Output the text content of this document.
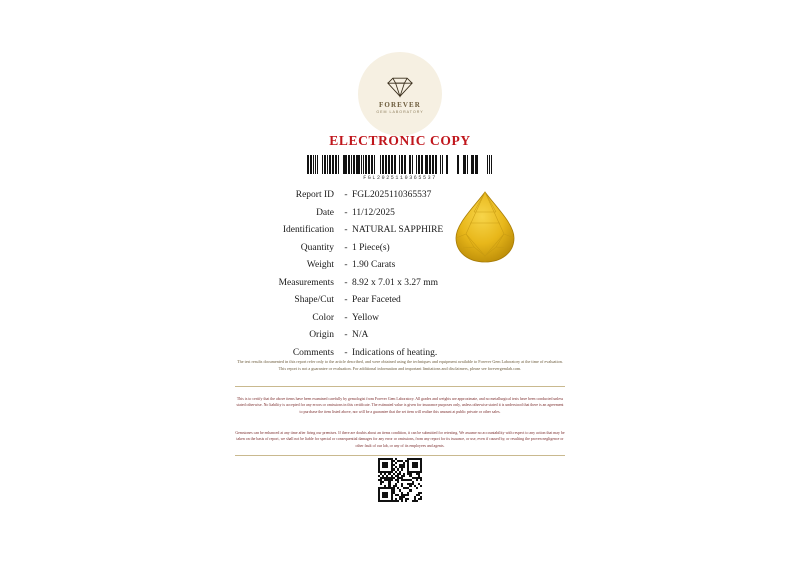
FOREVER
GEM LABORATORY
ELECTRONIC COPY
FGL2025110365537
Report ID	- FGL2025110365537
Date	- 11/12/2025
Identification	- NATURAL SAPPHIRE
Quantity	- 1 Piece(s)
Weight	- 1.90 Carats
Measurements	- 8.92 x 7.01 x 3.27 mm
Shape/Cut	- Pear Faceted
Color	- Yellow
Origin	- N/A
Comments	- Indications of heating.
The test results documented in this report refer only to the article described, and were obtained using the techniques and equipment available to Forever Gem Laboratory at the time of evaluation. This report is not a guarantee or evaluation. For additional information and important limitations and disclaimers, please see forevergemlab.com.
This is to certify that the above items have been examined carefully by gemologist from Forever Gem Laboratory. All grades and weights are approximate, and no metallurgical tests have been conducted unless stated otherwise. No liability is accepted for any errors or omissions in this certificate. The estimated value is given for insurance purposes only, unless otherwise stated it is understood that there is an agreement to purchase the item listed above, nor will be a guarantee that the set item will realize this amount at public private or other sales.
Gemstones can be enhanced at any time after firing our premises. If there are doubts about an items condition, it can be submitted for retesting. We assume no accountability with respect to any action that may be taken on the basis of report, we shall not be liable for special or consequential damages for any error or omissions, from any report for its issuance, or use, even if caused by, or resulting the proven negligence or other fault of our lab, or any of its employees and agents.
